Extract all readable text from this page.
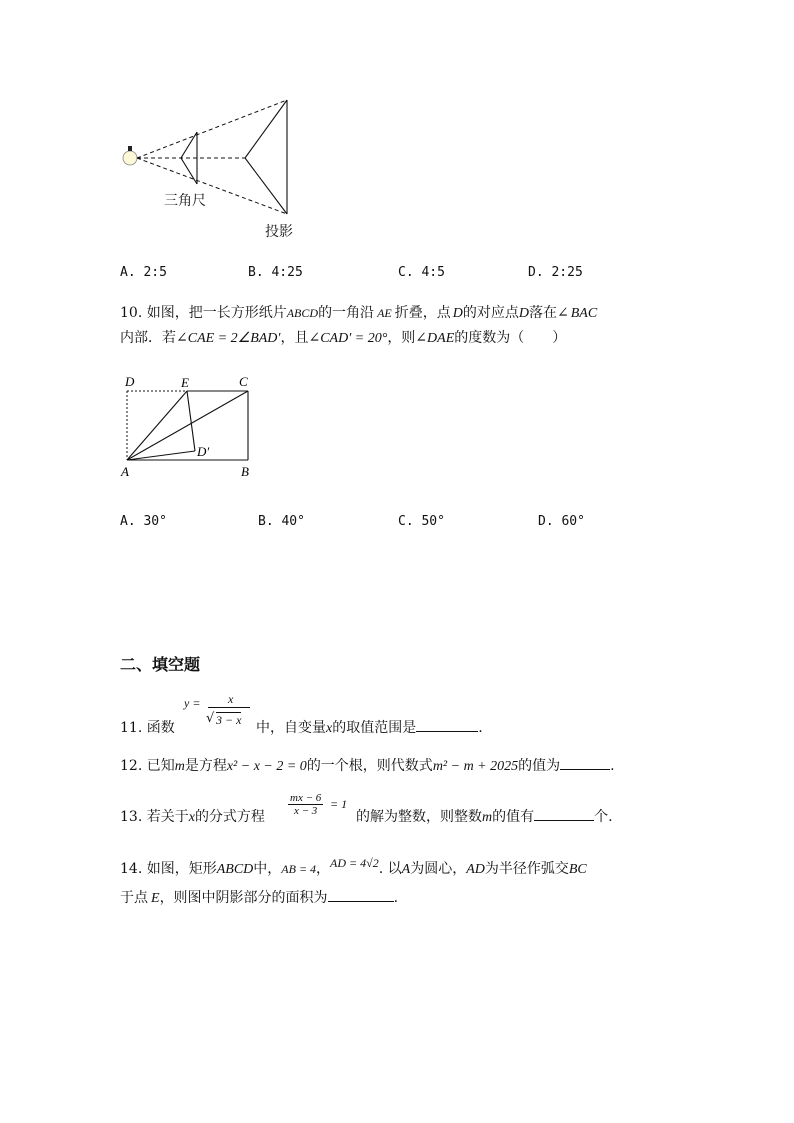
三角尺
投影
A. 2:5	B. 4:25	C. 4:5	D. 2:25
10. 如图，把一长方形纸片ABCD的一角沿 AE 折叠，点 D的对应点D落在∠ BAC
内部．若∠CAE = 2∠BAD′，且∠CAD′ = 20°，则∠DAE的度数为（　　）
D	E	C
D′
A	B
A. 30°	B. 40°	C. 50°	D. 60°
二、填空题
11. 函数
y = x
√ 3 − x 中，自变量x的取值范围是	.
12. 已知m是方程x² − x − 2 = 0的一个根，则代数式m² − m + 2025的值为	.
13. 若关于x的分式方程 $\frac{mx - 6}{x - 3} = 1$
的解为整数，则整数m的值有	个.
14. 如图，矩形ABCD中，AB = 4，AD = 4√2. 以A为圆心，AD为半径作弧交BC
于点 E，则图中阴影部分的面积为	.
